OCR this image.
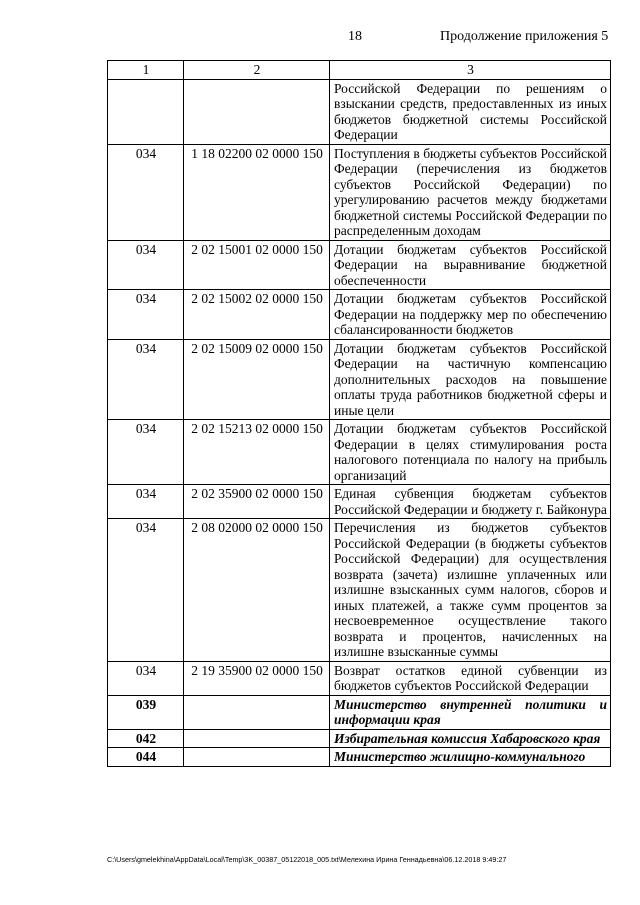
18	Продолжение приложения 5
1	2	3
		Российской Федерации по решениям о взыскании средств, предоставленных из иных бюджетов бюджетной системы Российской Федерации
034	1 18 02200 02 0000 150	Поступления в бюджеты субъектов Российской Федерации (перечисления из бюджетов субъектов Российской Федерации) по урегулированию расчетов между бюджетами бюджетной системы Российской Федерации по распределенным доходам
034	2 02 15001 02 0000 150	Дотации бюджетам субъектов Российской Федерации на выравнивание бюджетной обеспеченности
034	2 02 15002 02 0000 150	Дотации бюджетам субъектов Российской Федерации на поддержку мер по обеспечению сбалансированности бюджетов
034	2 02 15009 02 0000 150	Дотации бюджетам субъектов Российской Федерации на частичную компенсацию дополнительных расходов на повышение оплаты труда работников бюджетной сферы и иные цели
034	2 02 15213 02 0000 150	Дотации бюджетам субъектов Российской Федерации в целях стимулирования роста налогового потенциала по налогу на прибыль организаций
034	2 02 35900 02 0000 150	Единая субвенция бюджетам субъектов Российской Федерации и бюджету г. Байконура
034	2 08 02000 02 0000 150	Перечисления из бюджетов субъектов Российской Федерации (в бюджеты субъектов Российской Федерации) для осуществления возврата (зачета) излишне уплаченных или излишне взысканных сумм налогов, сборов и иных платежей, а также сумм процентов за несвоевременное осуществление такого возврата и процентов, начисленных на излишне взысканные суммы
034	2 19 35900 02 0000 150	Возврат остатков единой субвенции из бюджетов субъектов Российской Федерации
039		Министерство внутренней политики и информации края
042		Избирательная комиссия Хабаровского края
044		Министерство жилищно-коммунального
C:\Users\gmelekhina\AppData\Local\Temp\3K_00387_05122018_005.txt\Мелехина Ирина Геннадьевна\06.12.2018 9:49:27
